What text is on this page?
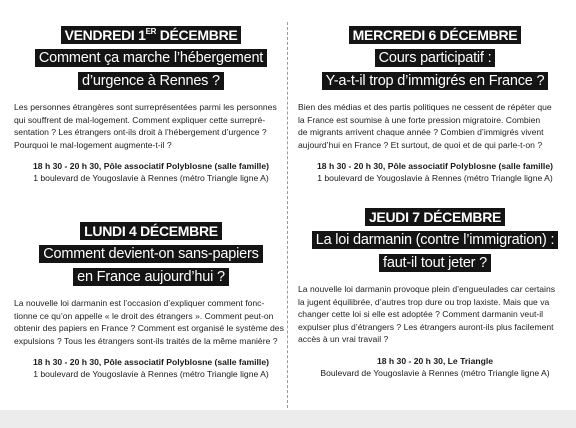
VENDREDI 1ER DÉCEMBRE
Comment ça marche l’hébergement
d’urgence à Rennes ?
Les personnes étrangères sont surreprésentées parmi les personnes
qui souffrent de mal-logement. Comment expliquer cette surrepré-
sentation ? Les étrangers ont-ils droit à l’hébergement d’urgence ?
Pourquoi le mal-logement augmente-t-il ?
18 h 30 - 20 h 30, Pôle associatif Polyblosne (salle famille)
1 boulevard de Yougoslavie à Rennes (métro Triangle ligne A)
LUNDI 4 DÉCEMBRE
Comment devient-on sans-papiers
en France aujourd’hui ?
La nouvelle loi darmanin est l’occasion d’expliquer comment fonc-
tionne ce qu’on appelle « le droit des étrangers ». Comment peut-on
obtenir des papiers en France ? Comment est organisé le système des
expulsions ? Tous les étrangers sont-ils traités de la même manière ?
18 h 30 - 20 h 30, Pôle associatif Polyblosne (salle famille)
1 boulevard de Yougoslavie à Rennes (métro Triangle ligne A)
MERCREDI 6 DÉCEMBRE
Cours participatif :
Y-a-t-il trop d’immigrés en France ?
Bien des médias et des partis politiques ne cessent de répéter que
la France est soumise à une forte pression migratoire. Combien
de migrants arrivent chaque année ? Combien d’immigrés vivent
aujourd’hui en France ? Et surtout, de quoi et de qui parle-t-on ?
18 h 30 - 20 h 30, Pôle associatif Polyblosne (salle famille)
1 boulevard de Yougoslavie à Rennes (métro Triangle ligne A)
JEUDI 7 DÉCEMBRE
La loi darmanin (contre l’immigration) :
faut-il tout jeter ?
La nouvelle loi darmanin provoque plein d’engueulades car certains
la jugent équilibrée, d’autres trop dure ou trop laxiste. Mais que va
changer cette loi si elle est adoptée ? Comment darmanin veut-il
expulser plus d’étrangers ? Les étrangers auront-ils plus facilement
accès à un vrai travail ?
18 h 30 - 20 h 30, Le Triangle
Boulevard de Yougoslavie à Rennes (métro Triangle ligne A)
